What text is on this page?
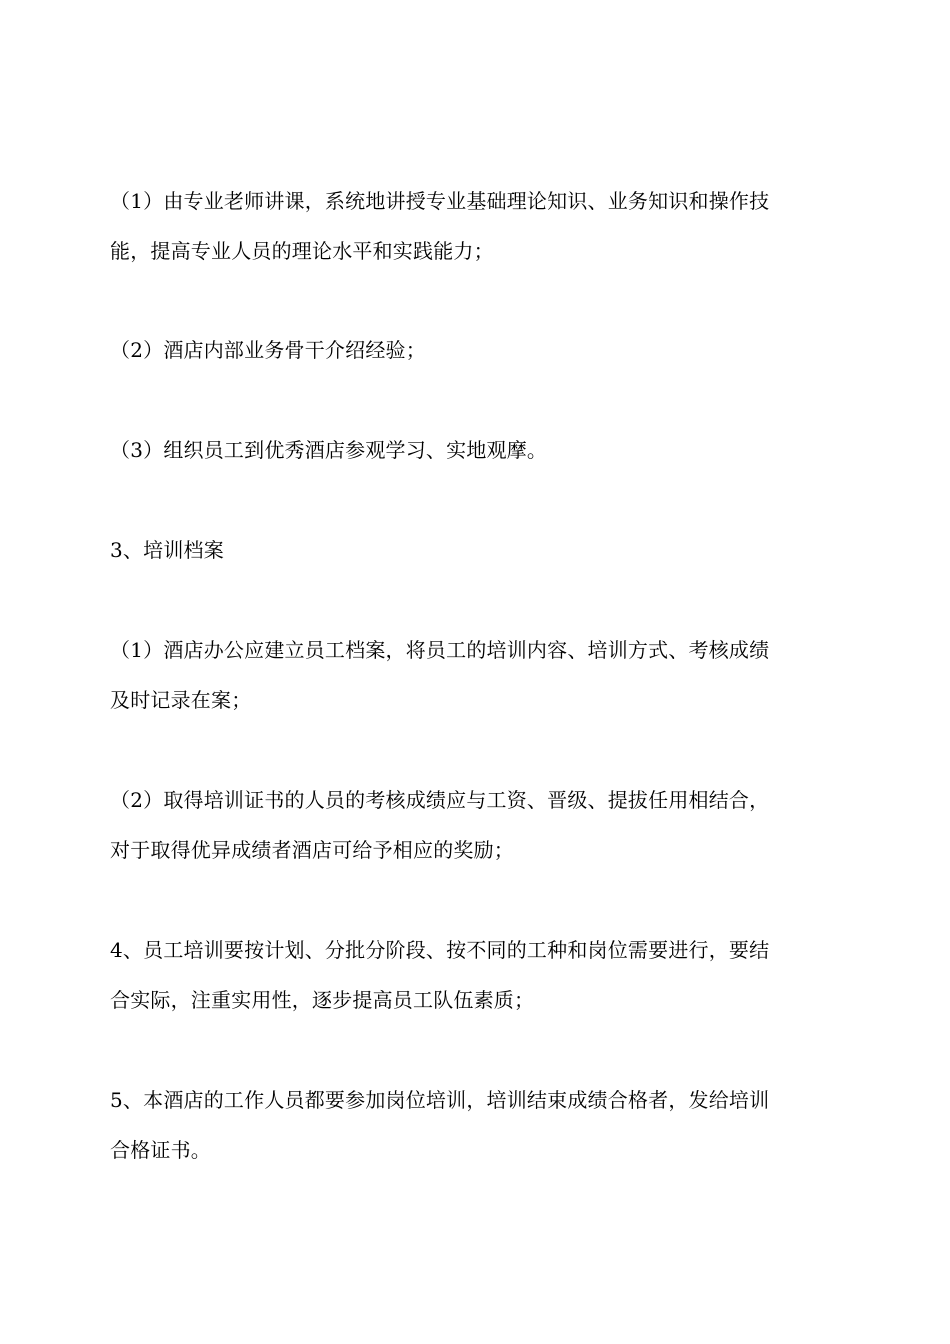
（1）由专业老师讲课，系统地讲授专业基础理论知识、业务知识和操作技
能，提高专业人员的理论水平和实践能力；

（2）酒店内部业务骨干介绍经验；

（3）组织员工到优秀酒店参观学习、实地观摩。

3、培训档案

（1）酒店办公应建立员工档案，将员工的培训内容、培训方式、考核成绩
及时记录在案；

（2）取得培训证书的人员的考核成绩应与工资、晋级、提拔任用相结合，
对于取得优异成绩者酒店可给予相应的奖励；

4、员工培训要按计划、分批分阶段、按不同的工种和岗位需要进行，要结
合实际，注重实用性，逐步提高员工队伍素质；

5、本酒店的工作人员都要参加岗位培训，培训结束成绩合格者，发给培训
合格证书。
